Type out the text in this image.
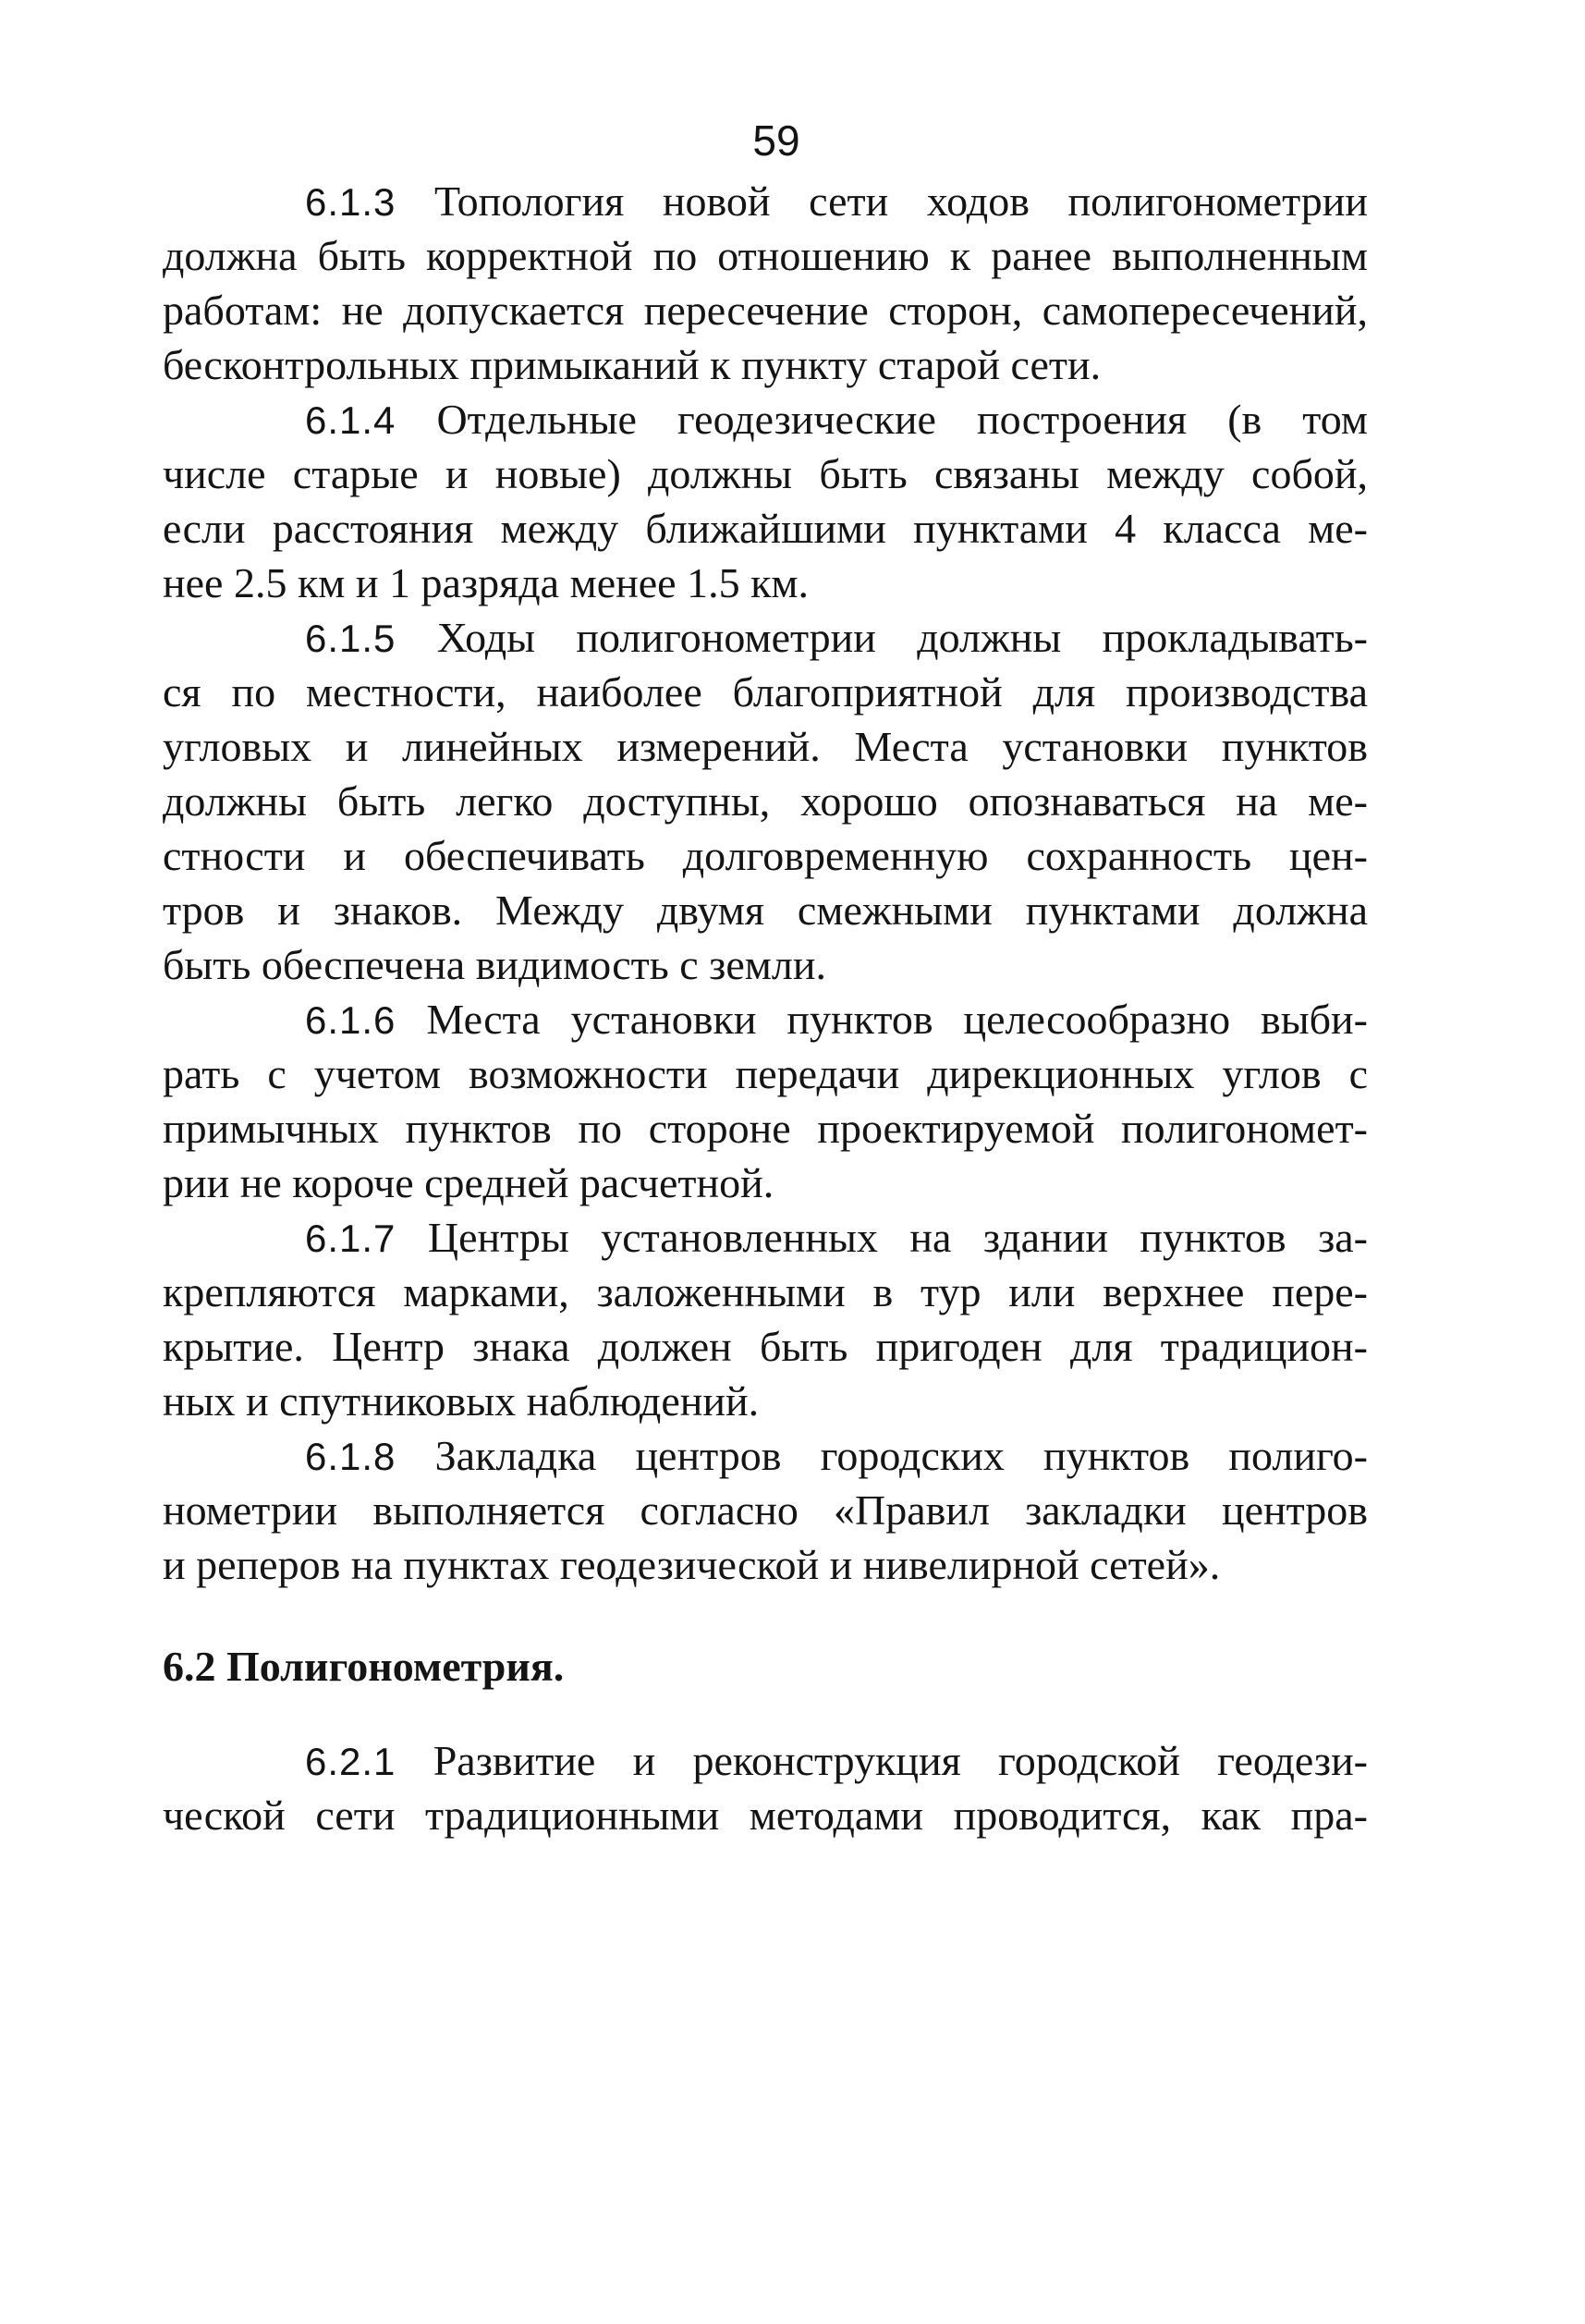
59
6.1.3 Топология новой сети ходов полигонометрии
должна быть корректной по отношению к ранее выполненным
работам: не допускается пересечение сторон, самопересечений,
бесконтрольных примыканий к пункту старой сети.
6.1.4 Отдельные геодезические построения (в том
числе старые и новые) должны быть связаны между собой,
если расстояния между ближайшими пунктами 4 класса ме-
нее 2.5 км и 1 разряда менее 1.5 км.
6.1.5 Ходы полигонометрии должны прокладывать-
ся по местности, наиболее благоприятной для производства
угловых и линейных измерений. Места установки пунктов
должны быть легко доступны, хорошо опознаваться на ме-
стности и обеспечивать долговременную сохранность цен-
тров и знаков. Между двумя смежными пунктами должна
быть обеспечена видимость с земли.
6.1.6 Места установки пунктов целесообразно выби-
рать с учетом возможности передачи дирекционных углов с
примычных пунктов по стороне проектируемой полигономет-
рии не короче средней расчетной.
6.1.7 Центры установленных на здании пунктов за-
крепляются марками, заложенными в тур или верхнее пере-
крытие. Центр знака должен быть пригоден для традицион-
ных и спутниковых наблюдений.
6.1.8 Закладка центров городских пунктов полиго-
нометрии выполняется согласно «Правил закладки центров
и реперов на пунктах геодезической и нивелирной сетей».
6.2 Полигонометрия.
6.2.1 Развитие и реконструкция городской геодези-
ческой сети традиционными методами проводится, как пра-
